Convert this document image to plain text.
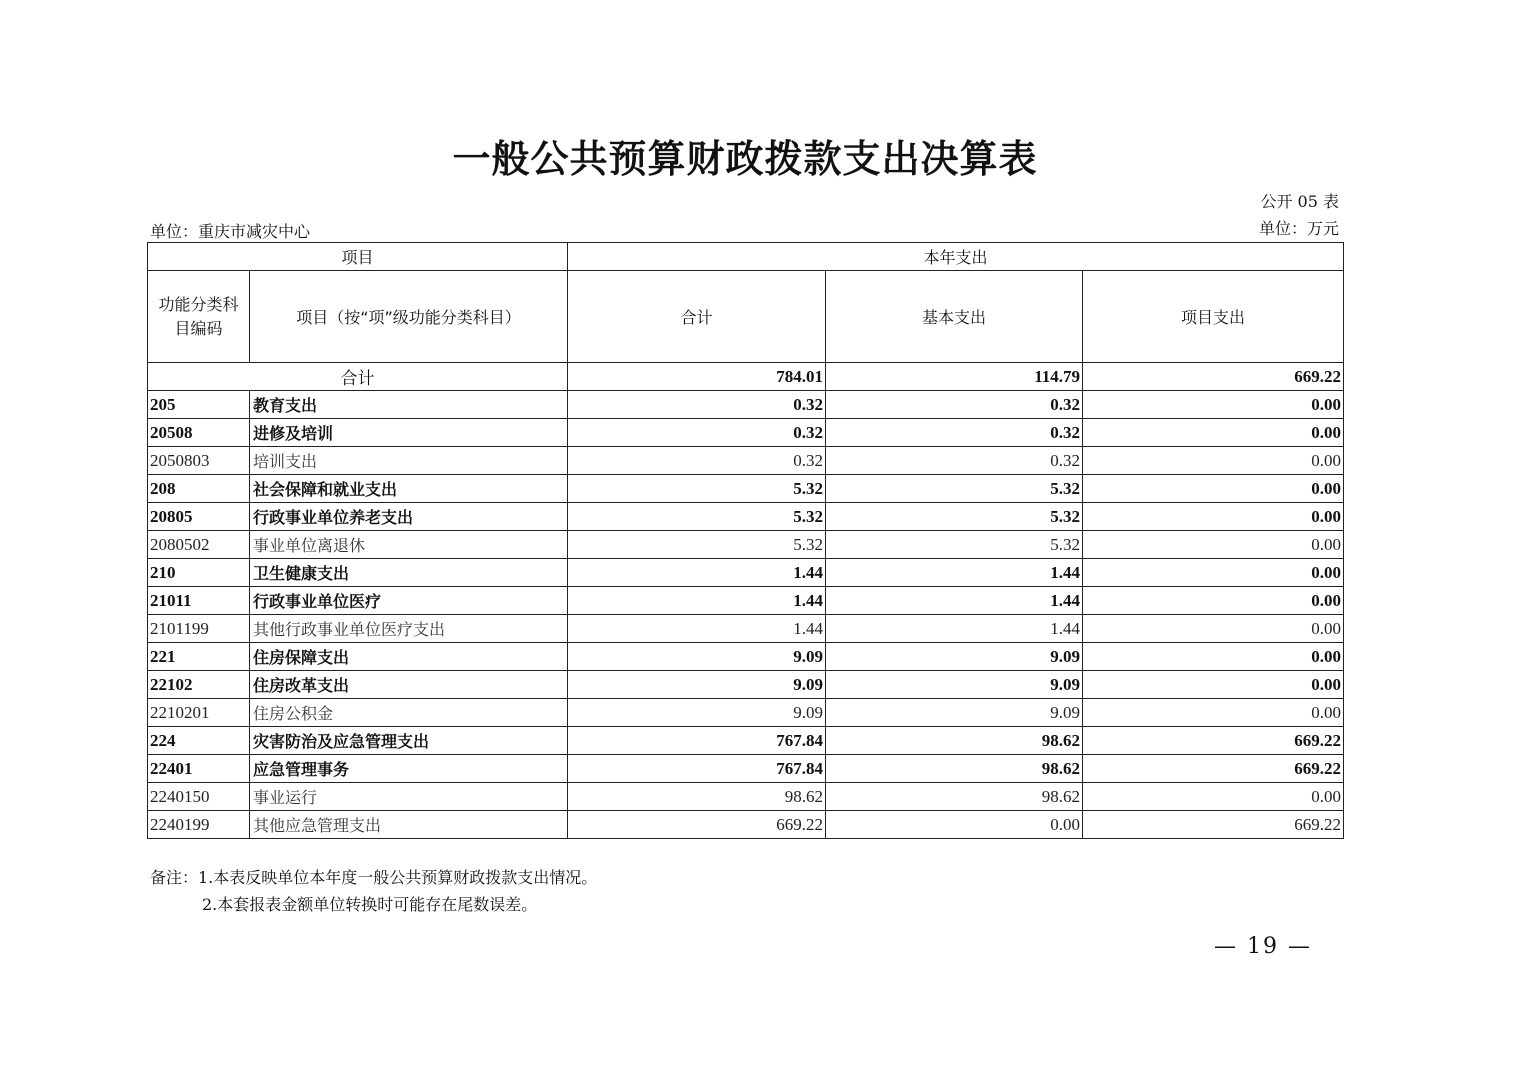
一般公共预算财政拨款支出决算表
公开 05 表
单位：重庆市减灾中心	单位：万元
项目		本年支出		
功能分类科目编码	项目（按“项”级功能分类科目）	合计	基本支出	项目支出
合计		784.01	114.79	669.22
205	教育支出	0.32	0.32	0.00
20508	进修及培训	0.32	0.32	0.00
2050803	培训支出	0.32	0.32	0.00
208	社会保障和就业支出	5.32	5.32	0.00
20805	行政事业单位养老支出	5.32	5.32	0.00
2080502	事业单位离退休	5.32	5.32	0.00
210	卫生健康支出	1.44	1.44	0.00
21011	行政事业单位医疗	1.44	1.44	0.00
2101199	其他行政事业单位医疗支出	1.44	1.44	0.00
221	住房保障支出	9.09	9.09	0.00
22102	住房改革支出	9.09	9.09	0.00
2210201	住房公积金	9.09	9.09	0.00
224	灾害防治及应急管理支出	767.84	98.62	669.22
22401	应急管理事务	767.84	98.62	669.22
2240150	事业运行	98.62	98.62	0.00
2240199	其他应急管理支出	669.22	0.00	669.22
备注：1.本表反映单位本年度一般公共预算财政拨款支出情况。
2.本套报表金额单位转换时可能存在尾数误差。
— 19 —
